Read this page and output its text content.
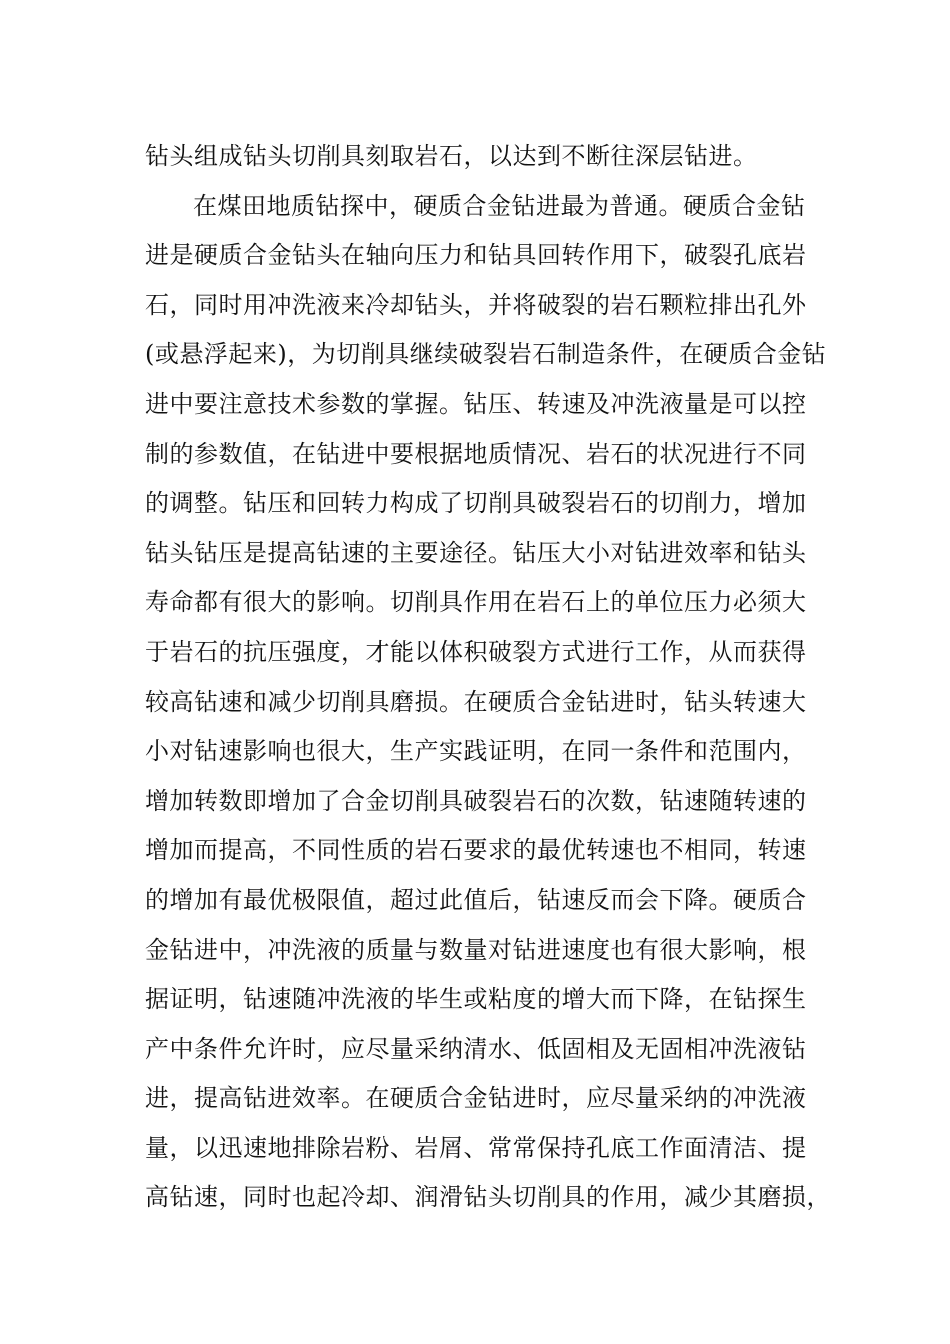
钻头组成钻头切削具刻取岩石，以达到不断往深层钻进。
在煤田地质钻探中，硬质合金钻进最为普通。硬质合金钻
进是硬质合金钻头在轴向压力和钻具回转作用下，破裂孔底岩
石，同时用冲洗液来冷却钻头，并将破裂的岩石颗粒排出孔外
(或悬浮起来)，为切削具继续破裂岩石制造条件，在硬质合金钻
进中要注意技术参数的掌握。钻压、转速及冲洗液量是可以控
制的参数值，在钻进中要根据地质情况、岩石的状况进行不同
的调整。钻压和回转力构成了切削具破裂岩石的切削力，增加
钻头钻压是提高钻速的主要途径。钻压大小对钻进效率和钻头
寿命都有很大的影响。切削具作用在岩石上的单位压力必须大
于岩石的抗压强度，才能以体积破裂方式进行工作，从而获得
较高钻速和减少切削具磨损。在硬质合金钻进时，钻头转速大
小对钻速影响也很大，生产实践证明，在同一条件和范围内，
增加转数即增加了合金切削具破裂岩石的次数，钻速随转速的
增加而提高，不同性质的岩石要求的最优转速也不相同，转速
的增加有最优极限值，超过此值后，钻速反而会下降。硬质合
金钻进中，冲洗液的质量与数量对钻进速度也有很大影响，根
据证明，钻速随冲洗液的毕生或粘度的增大而下降，在钻探生
产中条件允许时，应尽量采纳清水、低固相及无固相冲洗液钻
进，提高钻进效率。在硬质合金钻进时，应尽量采纳的冲洗液
量，以迅速地排除岩粉、岩屑、常常保持孔底工作面清洁、提
高钻速，同时也起冷却、润滑钻头切削具的作用，减少其磨损，
